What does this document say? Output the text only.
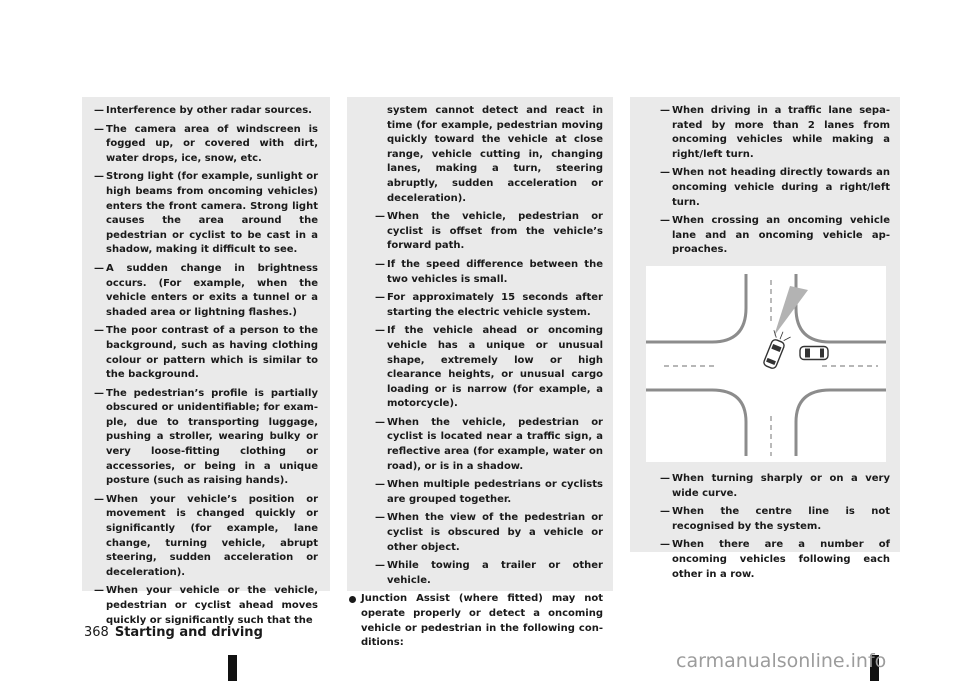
— Interference by other radar sources.
— The camera area of windscreen is fogged up, or covered with dirt, water drops, ice, snow, etc.
— Strong light (for example, sunlight or high beams from oncoming vehicles) enters the front camera. Strong light causes the area around the pedestrian or cyclist to be cast in a shadow, making it difficult to see.
— A sudden change in brightness occurs. (For example, when the vehicle enters or exits a tunnel or a shaded area or lightning flashes.)
— The poor contrast of a person to the background, such as having clothing colour or pattern which is similar to the background.
— The pedestrian’s profile is partially obscured or unidentifiable; for example, due to transporting luggage, pushing a stroller, wearing bulky or very loose-fitting clothing or accessories, or being in a unique posture (such as raising hands).
— When your vehicle’s position or movement is changed quickly or significantly (for example, lane change, turning vehicle, abrupt steering, sudden acceleration or deceleration).
— When your vehicle or the vehicle, pedestrian or cyclist ahead moves quickly or significantly such that the
system cannot detect and react in time (for example, pedestrian moving quickly toward the vehicle at close range, vehicle cutting in, changing lanes, making a turn, steering abruptly, sudden acceleration or deceleration).
— When the vehicle, pedestrian or cyclist is offset from the vehicle’s forward path.
— If the speed difference between the two vehicles is small.
— For approximately 15 seconds after starting the electric vehicle system.
— If the vehicle ahead or oncoming vehicle has a unique or unusual shape, extremely low or high clearance heights, or unusual cargo loading or is narrow (for example, a motorcycle).
— When the vehicle, pedestrian or cyclist is located near a traffic sign, a reflective area (for example, water on road), or is in a shadow.
— When multiple pedestrians or cyclists are grouped together.
— When the view of the pedestrian or cyclist is obscured by a vehicle or other object.
— While towing a trailer or other vehicle.
Junction Assist (where fitted) may not operate properly or detect a oncoming vehicle or pedestrian in the following conditions:
— When driving in a traffic lane separated by more than 2 lanes from oncoming vehicles while making a right/left turn.
— When not heading directly towards an oncoming vehicle during a right/left turn.
— When crossing an oncoming vehicle lane and an oncoming vehicle approaches.
— When turning sharply or on a very wide curve.
— When the centre line is not recognised by the system.
— When there are a number of oncoming vehicles following each other in a row.
368 Starting and driving
carmanualsonline.info
